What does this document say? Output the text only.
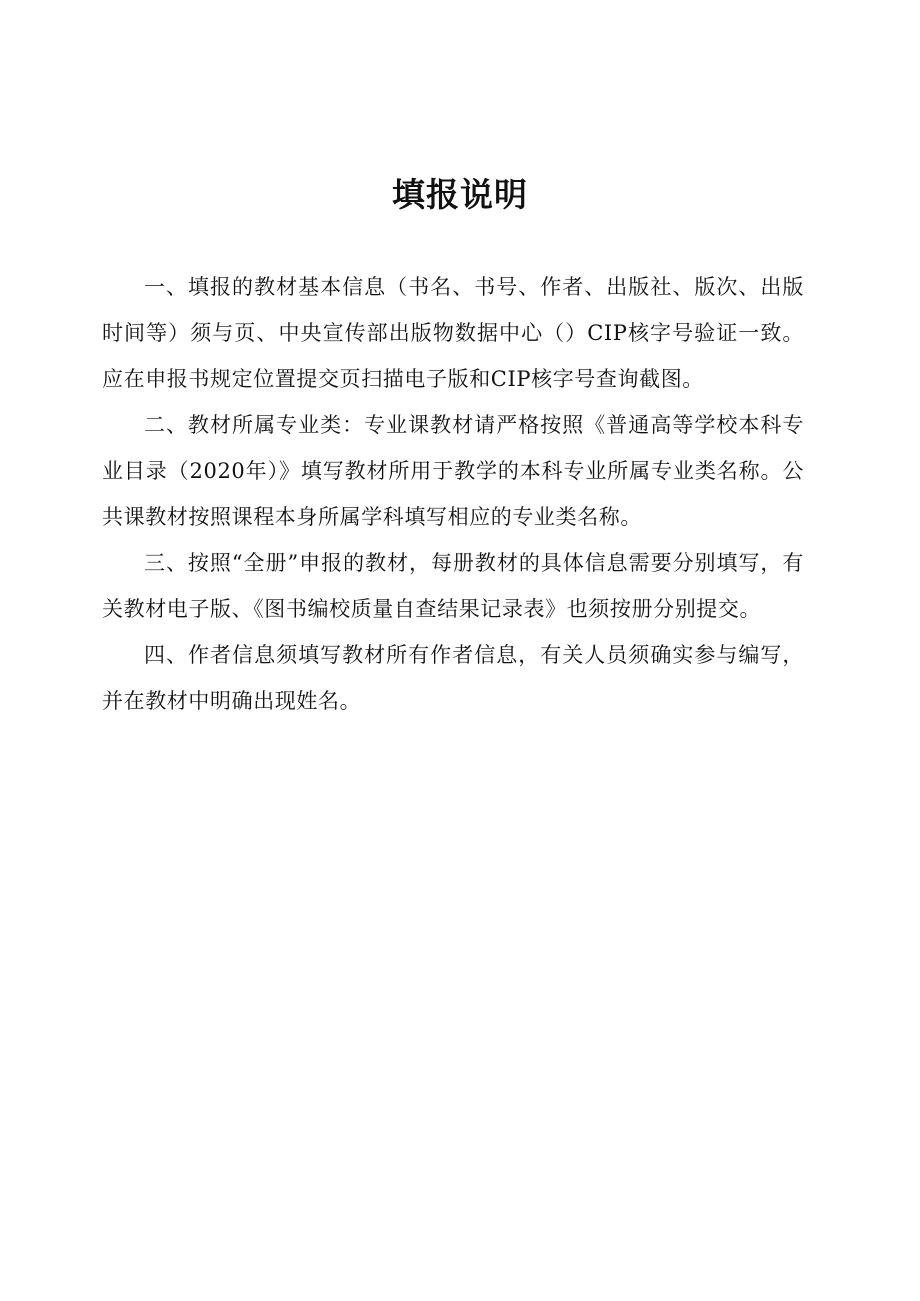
填报说明

一、填报的教材基本信息（书名、书号、作者、出版社、版次、出版时间等）须与页、中央宣传部出版物数据中心（）CIP核字号验证一致。应在申报书规定位置提交页扫描电子版和CIP核字号查询截图。

二、教材所属专业类：专业课教材请严格按照《普通高等学校本科专业目录（2020年）》填写教材所用于教学的本科专业所属专业类名称。公共课教材按照课程本身所属学科填写相应的专业类名称。

三、按照“全册”申报的教材，每册教材的具体信息需要分别填写，有关教材电子版、《图书编校质量自查结果记录表》也须按册分别提交。

四、作者信息须填写教材所有作者信息，有关人员须确实参与编写，并在教材中明确出现姓名。
